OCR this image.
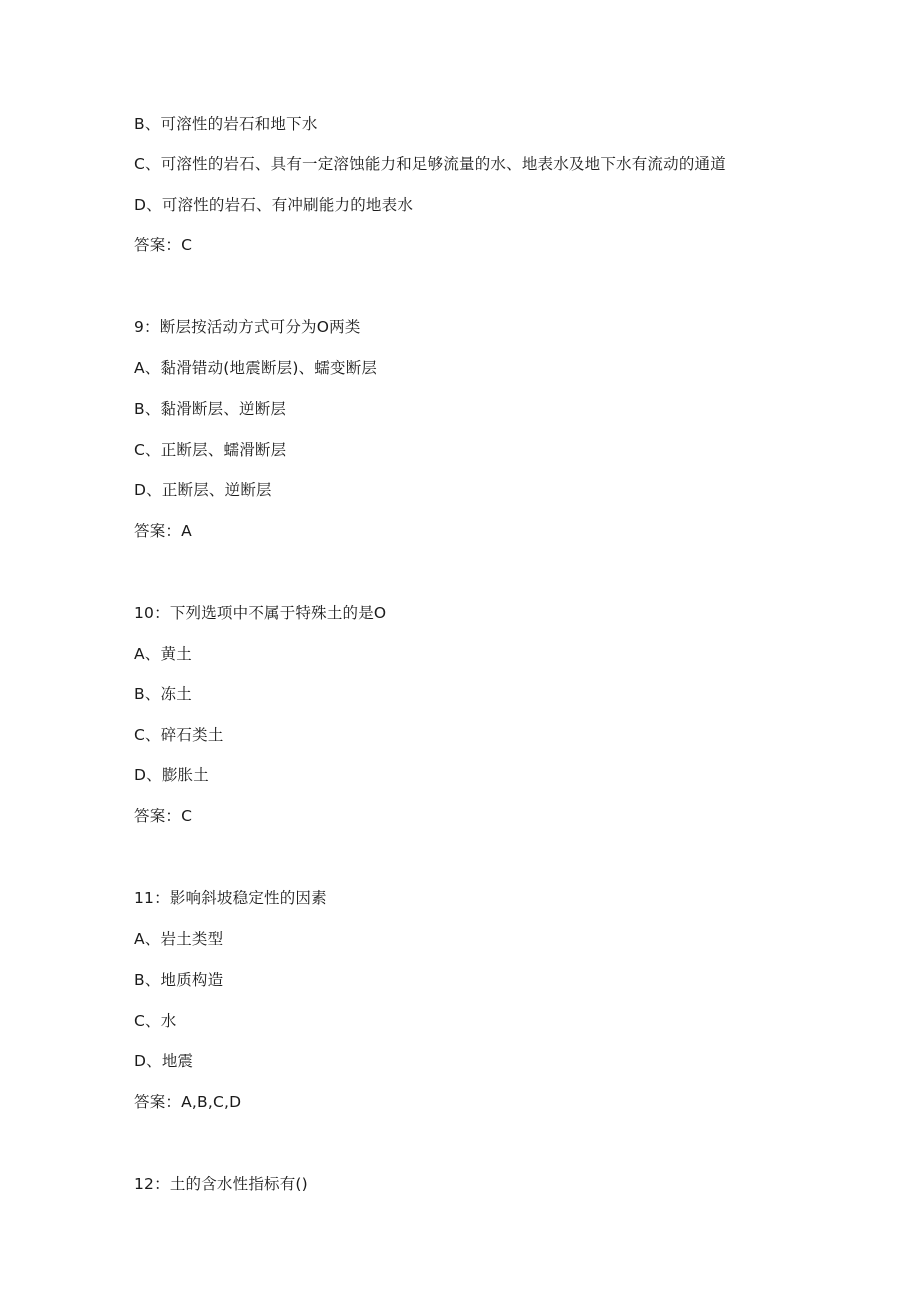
B、可溶性的岩石和地下水
C、可溶性的岩石、具有一定溶蚀能力和足够流量的水、地表水及地下水有流动的通道
D、可溶性的岩石、有冲刷能力的地表水
答案：C
9：断层按活动方式可分为O两类
A、黏滑错动(地震断层)、蠕变断层
B、黏滑断层、逆断层
C、正断层、蠕滑断层
D、正断层、逆断层
答案：A
10：下列选项中不属于特殊土的是O
A、黄土
B、冻土
C、碎石类土
D、膨胀土
答案：C
11：影响斜坡稳定性的因素
A、岩土类型
B、地质构造
C、水
D、地震
答案：A,B,C,D
12：土的含水性指标有()
